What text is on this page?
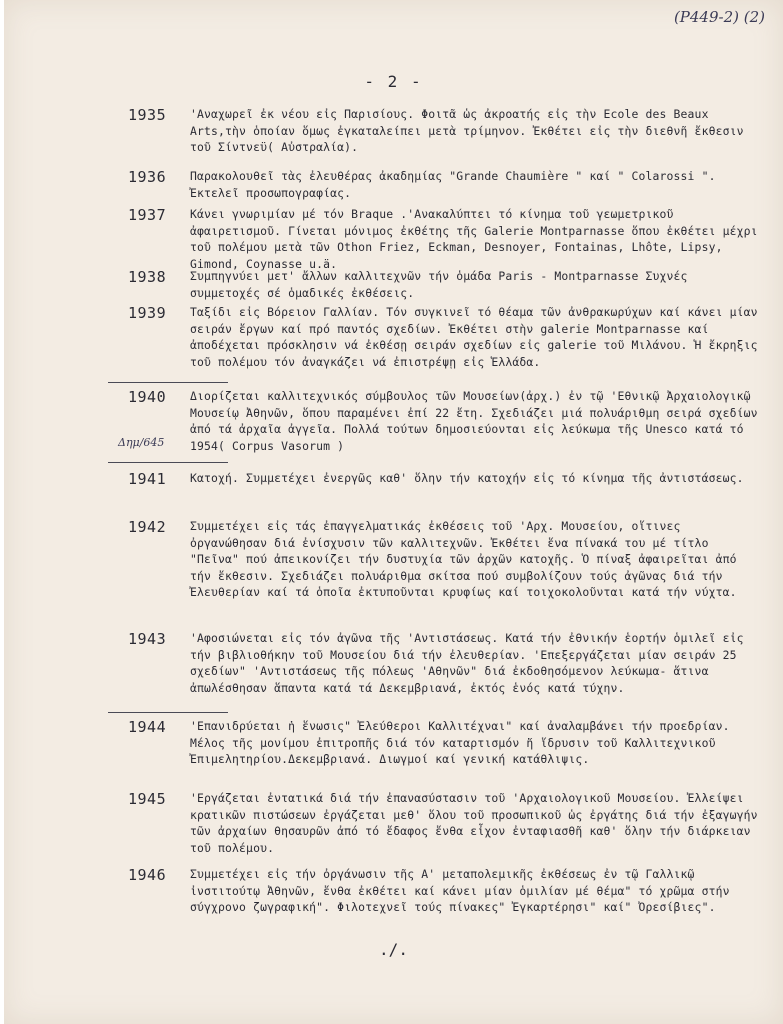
(Ρ449-2) (2)
- 2 -
1935 'Αναχωρεῖ ἐκ νέου εἰς Παρισίους. Φοιτᾶ ὡς ἀκροατής εἰς τὴν Ecole des Beaux Arts,τὴν ὁποίαν ὅμως ἐγκαταλείπει μετὰ τρίμηνον. Ἐκθέτει εἰς τὴν διεθνῆ ἔκθεσιν τοῦ Σίντνεϋ( Αὐστραλία).
1936 Παρακολουθεῖ τὰς ἐλευθέρας ἀκαδημίας "Grande Chaumière " καί " Colarossi ". Ἐκτελεῖ προσωπογραφίας.
1937 Κάνει γνωριμίαν μέ τόν Braque .'Ανακαλύπτει τό κίνημα τοῦ γεωμετρικοῦ ἀφαιρετισμοῦ. Γίνεται μόνιμος ἐκθέτης τῆς Galerie Montparnasse ὅπου ἐκθέτει μέχρι τοῦ πολέμου μετὰ τῶν Othon Friez, Eckman, Desnoyer, Fontainas, Lhôte, Lipsy, Gimond, Coynasse u.ä.
1938 Συμπηγνύει μετ' ἄλλων καλλιτεχνῶν τήν ὁμάδα Paris - Montparnasse Συχνές συμμετοχές σέ ὁμαδικές ἐκθέσεις.
1939 Ταξίδι εἰς Βόρειον Γαλλίαν. Τόν συγκινεῖ τό θέαμα τῶν ἀνθρακωρύχων καί κάνει μίαν σειράν ἔργων καί πρό παντός σχεδίων. Ἐκθέτει στὴν galerie Montparnasse καί ἀποδέχεται πρόσκλησιν νά ἐκθέσῃ σειράν σχεδίων εἰς galerie τοῦ Μιλάνου. Ἡ ἔκρηξις τοῦ πολέμου τόν ἀναγκάζει νά ἐπιστρέψῃ εἰς Ἑλλάδα.
1940 Διορίζεται καλλιτεχνικός σύμβουλος τῶν Μουσείων(ἀρχ.) ἐν τῷ 'Εθνικῷ Ἀρχαιολογικῷ Μουσείῳ Ἀθηνῶν, ὅπου παραμένει ἐπί 22 ἔτη. Σχεδιάζει μιά πολυάριθμη σειρά σχεδίων ἀπό τά ἀρχαῖα ἀγγεῖα. Πολλά τούτων δημοσιεύονται εἰς λεύκωμα τῆς Unesco κατά τό 1954( Corpus Vasorum )
Δημ/645
1941 Κατοχή. Συμμετέχει ἐνεργῶς καθ' ὅλην τήν κατοχήν εἰς τό κίνημα τῆς ἀντιστάσεως.
1942 Συμμετέχει εἰς τάς ἐπαγγελματικάς ἐκθέσεις τοῦ 'Αρχ. Μουσείου, οἵτινες ὀργανώθησαν διά ἐνίσχυσιν τῶν καλλιτεχνῶν. Ἐκθέτει ἕνα πίνακά του μέ τίτλο "Πεῖνα" πού ἀπεικονίζει τήν δυστυχία τῶν ἀρχῶν κατοχῆς. Ὁ πίναξ ἀφαιρεῖται ἀπό τήν ἔκθεσιν. Σχεδιάζει πολυάριθμα σκίτσα πού συμβολίζουν τούς ἀγῶνας διά τήν Ἐλευθερίαν καί τά ὁποῖα ἐκτυποῦνται κρυφίως καί τοιχοκολοῦνται κατά τήν νύχτα.
1943 'Αφοσιώνεται εἰς τόν ἀγῶνα τῆς 'Αντιστάσεως. Κατά τήν ἐθνικήν ἑορτήν ὁμιλεῖ εἰς τήν βιβλιοθήκην τοῦ Μουσείου διά τήν ἐλευθερίαν. 'Επεξεργάζεται μίαν σειράν 25 σχεδίων" 'Αντιστάσεως τῆς πόλεως 'Αθηνῶν" διά ἐκδοθησόμενον λεύκωμα- ἅτινα ἀπωλέσθησαν ἅπαντα κατά τά Δεκεμβριανά, ἐκτός ἑνός κατά τύχην.
1944 'Επανιδρύεται ἡ ἕνωσις" Ἐλεύθεροι Καλλιτέχναι" καί ἀναλαμβάνει τήν προεδρίαν. Μέλος τῆς μονίμου ἐπιτροπῆς διά τόν καταρτισμόν ἤ ἵδρυσιν τοῦ Καλλιτεχνικοῦ Ἐπιμελητηρίου.Δεκεμβριανά. Διωγμοί καί γενική κατάθλιψις.
1945 'Εργάζεται ἐντατικά διά τήν ἐπανασύστασιν τοῦ 'Αρχαιολογικοῦ Μουσείου. Ἐλλείψει κρατικῶν πιστώσεων ἐργάζεται μεθ' ὅλου τοῦ προσωπικοῦ ὡς ἐργάτης διά τήν ἐξαγωγήν τῶν ἀρχαίων θησαυρῶν ἀπό τό ἔδαφος ἔνθα εἶχον ἐνταφιασθῆ καθ' ὅλην τήν διάρκειαν τοῦ πολέμου.
1946 Συμμετέχει εἰς τήν ὀργάνωσιν τῆς Α' μεταπολεμικῆς ἐκθέσεως ἐν τῷ Γαλλικῷ ἰνστιτούτῳ Ἀθηνῶν, ἔνθα ἐκθέτει καί κάνει μίαν ὁμιλίαν μέ θέμα" τό χρῶμα στήν σύγχρονο ζωγραφική". Φιλοτεχνεῖ τούς πίνακες" Ἐγκαρτέρησι" καί" Ὀρεσίβιες".
./.
